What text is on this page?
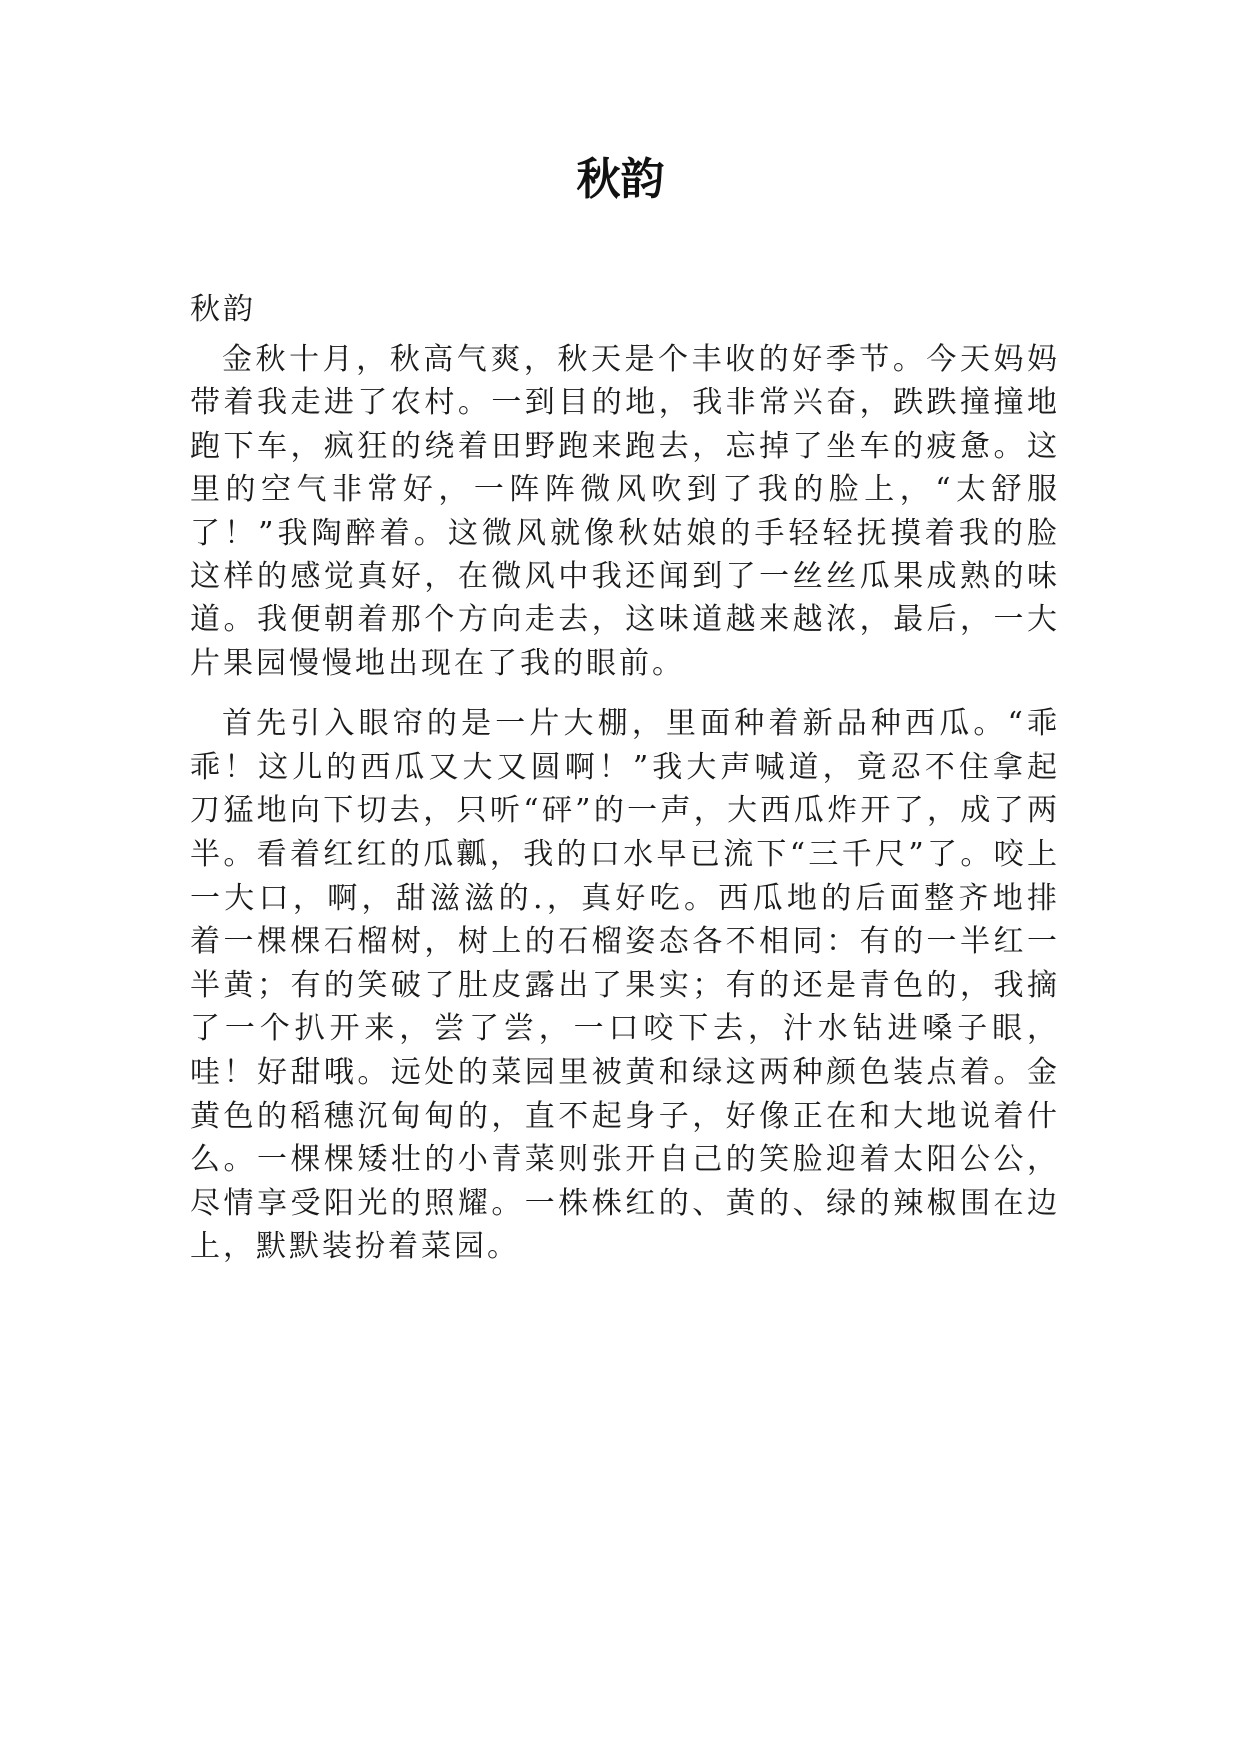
秋韵
秋韵

金秋十月，秋高气爽，秋天是个丰收的好季节。今天妈妈带着我走进了农村。一到目的地，我非常兴奋，跌跌撞撞地跑下车，疯狂的绕着田野跑来跑去，忘掉了坐车的疲惫。这里的空气非常好，一阵阵微风吹到了我的脸上，“太舒服了！”我陶醉着。这微风就像秋姑娘的手轻轻抚摸着我的脸这样的感觉真好，在微风中我还闻到了一丝丝瓜果成熟的味道。我便朝着那个方向走去，这味道越来越浓，最后，一大片果园慢慢地出现在了我的眼前。

首先引入眼帘的是一片大棚，里面种着新品种西瓜。“乖乖！这儿的西瓜又大又圆啊！”我大声喊道，竟忍不住拿起刀猛地向下切去，只听“砰”的一声，大西瓜炸开了，成了两半。看着红红的瓜瓤，我的口水早已流下“三千尺”了。咬上一大口，啊，甜滋滋的.，真好吃。西瓜地的后面整齐地排着一棵棵石榴树，树上的石榴姿态各不相同：有的一半红一半黄；有的笑破了肚皮露出了果实；有的还是青色的，我摘了一个扒开来，尝了尝，一口咬下去，汁水钻进嗓子眼，哇！好甜哦。远处的菜园里被黄和绿这两种颜色装点着。金黄色的稻穗沉甸甸的，直不起身子，好像正在和大地说着什么。一棵棵矮壮的小青菜则张开自己的笑脸迎着太阳公公，尽情享受阳光的照耀。一株株红的、黄的、绿的辣椒围在边上，默默装扮着菜园。
